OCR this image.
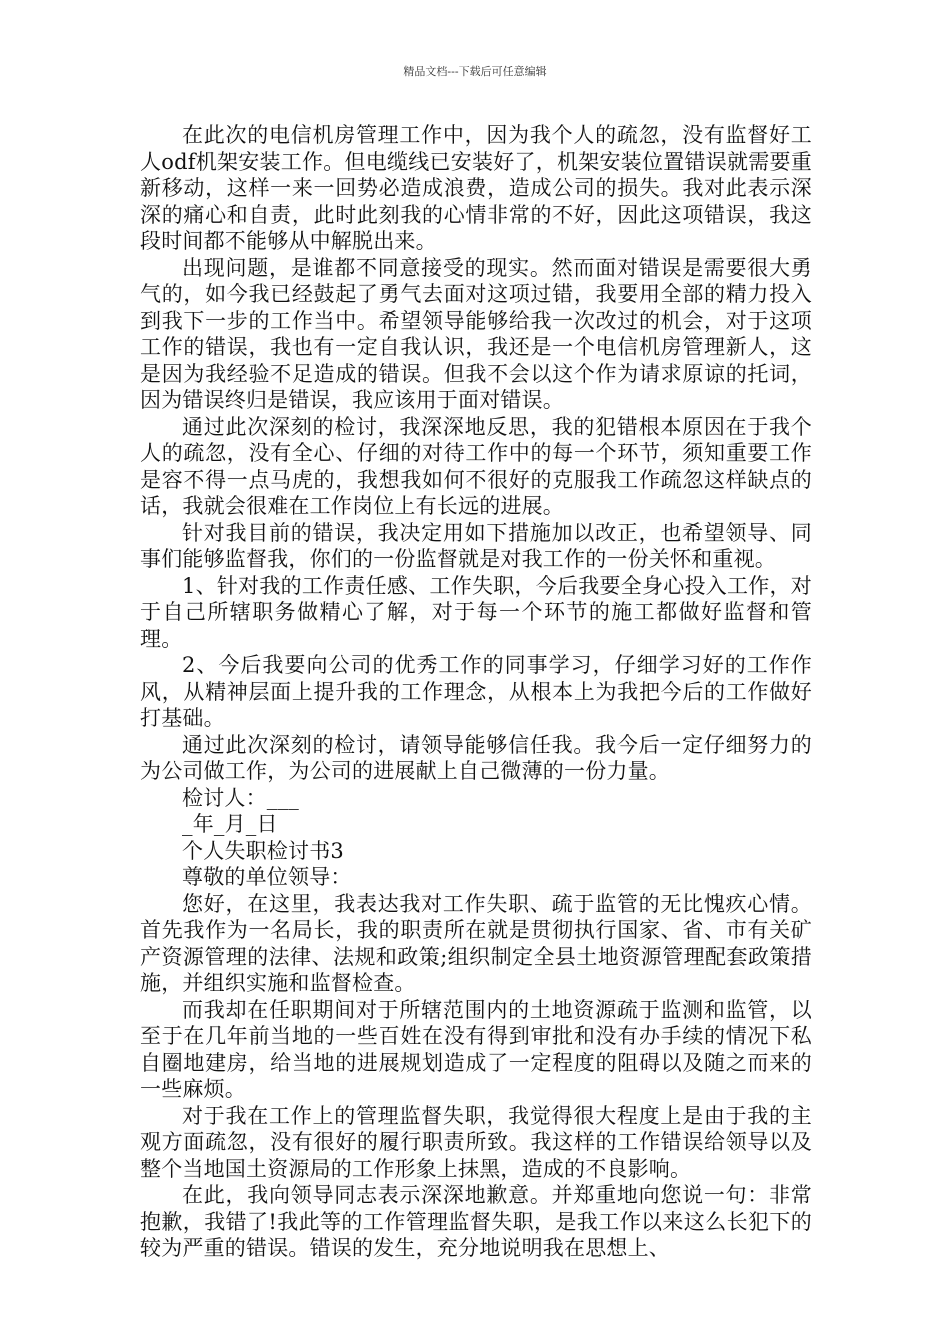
精品文档---下载后可任意编辑

在此次的电信机房管理工作中，因为我个人的疏忽，没有监督好工人odf机架安装工作。但电缆线已安装好了，机架安装位置错误就需要重新移动，这样一来一回势必造成浪费，造成公司的损失。我对此表示深深的痛心和自责，此时此刻我的心情非常的不好，因此这项错误，我这段时间都不能够从中解脱出来。

出现问题，是谁都不同意接受的现实。然而面对错误是需要很大勇气的，如今我已经鼓起了勇气去面对这项过错，我要用全部的精力投入到我下一步的工作当中。希望领导能够给我一次改过的机会，对于这项工作的错误，我也有一定自我认识，我还是一个电信机房管理新人，这是因为我经验不足造成的错误。但我不会以这个作为请求原谅的托词，因为错误终归是错误，我应该用于面对错误。

通过此次深刻的检讨，我深深地反思，我的犯错根本原因在于我个人的疏忽，没有全心、仔细的对待工作中的每一个环节，须知重要工作是容不得一点马虎的，我想我如何不很好的克服我工作疏忽这样缺点的话，我就会很难在工作岗位上有长远的进展。

针对我目前的错误，我决定用如下措施加以改正，也希望领导、同事们能够监督我，你们的一份监督就是对我工作的一份关怀和重视。

1、针对我的工作责任感、工作失职，今后我要全身心投入工作，对于自己所辖职务做精心了解，对于每一个环节的施工都做好监督和管理。

2、今后我要向公司的优秀工作的同事学习，仔细学习好的工作作风，从精神层面上提升我的工作理念，从根本上为我把今后的工作做好打基础。

通过此次深刻的检讨，请领导能够信任我。我今后一定仔细努力的为公司做工作，为公司的进展献上自己微薄的一份力量。

检讨人：___

_年_月_日

个人失职检讨书3

尊敬的单位领导：

您好，在这里，我表达我对工作失职、疏于监管的无比愧疚心情。首先我作为一名局长，我的职责所在就是贯彻执行国家、省、市有关矿产资源管理的法律、法规和政策;组织制定全县土地资源管理配套政策措施，并组织实施和监督检查。

而我却在任职期间对于所辖范围内的土地资源疏于监测和监管，以至于在几年前当地的一些百姓在没有得到审批和没有办手续的情况下私自圈地建房，给当地的进展规划造成了一定程度的阻碍以及随之而来的一些麻烦。

对于我在工作上的管理监督失职，我觉得很大程度上是由于我的主观方面疏忽，没有很好的履行职责所致。我这样的工作错误给领导以及整个当地国土资源局的工作形象上抹黑，造成的不良影响。

在此，我向领导同志表示深深地歉意。并郑重地向您说一句：非常抱歉，我错了!我此等的工作管理监督失职，是我工作以来这么长犯下的较为严重的错误。错误的发生，充分地说明我在思想上、
